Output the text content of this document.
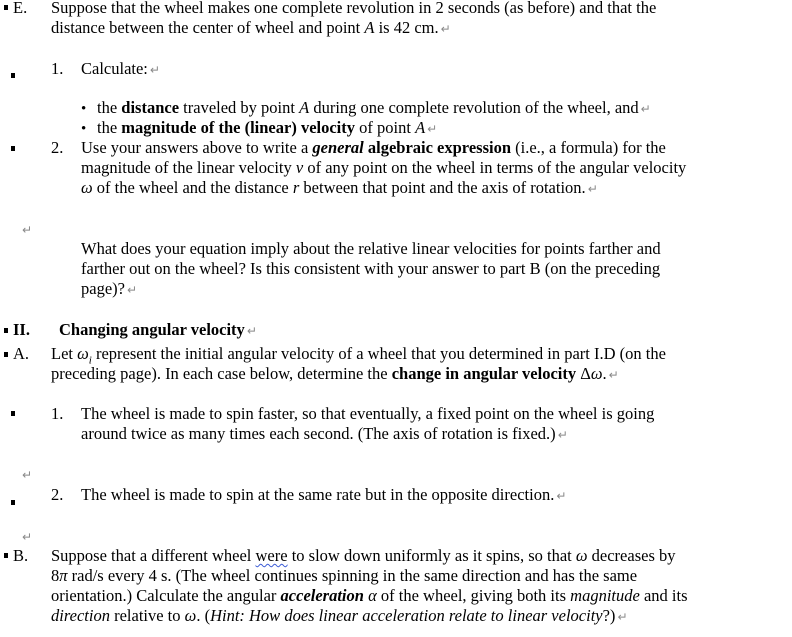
E. Suppose that the wheel makes one complete revolution in 2 seconds (as before) and that the
distance between the center of wheel and point A is 42 cm. ↵
1. Calculate: ↵
• the distance traveled by point A during one complete revolution of the wheel, and ↵
• the magnitude of the (linear) velocity of point A ↵
2. Use your answers above to write a general algebraic expression (i.e., a formula) for the
magnitude of the linear velocity v of any point on the wheel in terms of the angular velocity
ω of the wheel and the distance r between that point and the axis of rotation. ↵
↵
What does your equation imply about the relative linear velocities for points farther and
farther out on the wheel? Is this consistent with your answer to part B (on the preceding
page)? ↵
II. Changing angular velocity ↵
A. Let $\omega_i$ represent the initial angular velocity of a wheel that you determined in part I.D (on the
preceding page). In each case below, determine the change in angular velocity Δω. ↵
1. The wheel is made to spin faster, so that eventually, a fixed point on the wheel is going
around twice as many times each second. (The axis of rotation is fixed.) ↵
↵
2. The wheel is made to spin at the same rate but in the opposite direction. ↵
↵
B. Suppose that a different wheel were to slow down uniformly as it spins, so that ω decreases by
8π rad/s every 4 s. (The wheel continues spinning in the same direction and has the same
orientation.) Calculate the angular acceleration α of the wheel, giving both its magnitude and its
direction relative to ω. (Hint: How does linear acceleration relate to linear velocity?) ↵
